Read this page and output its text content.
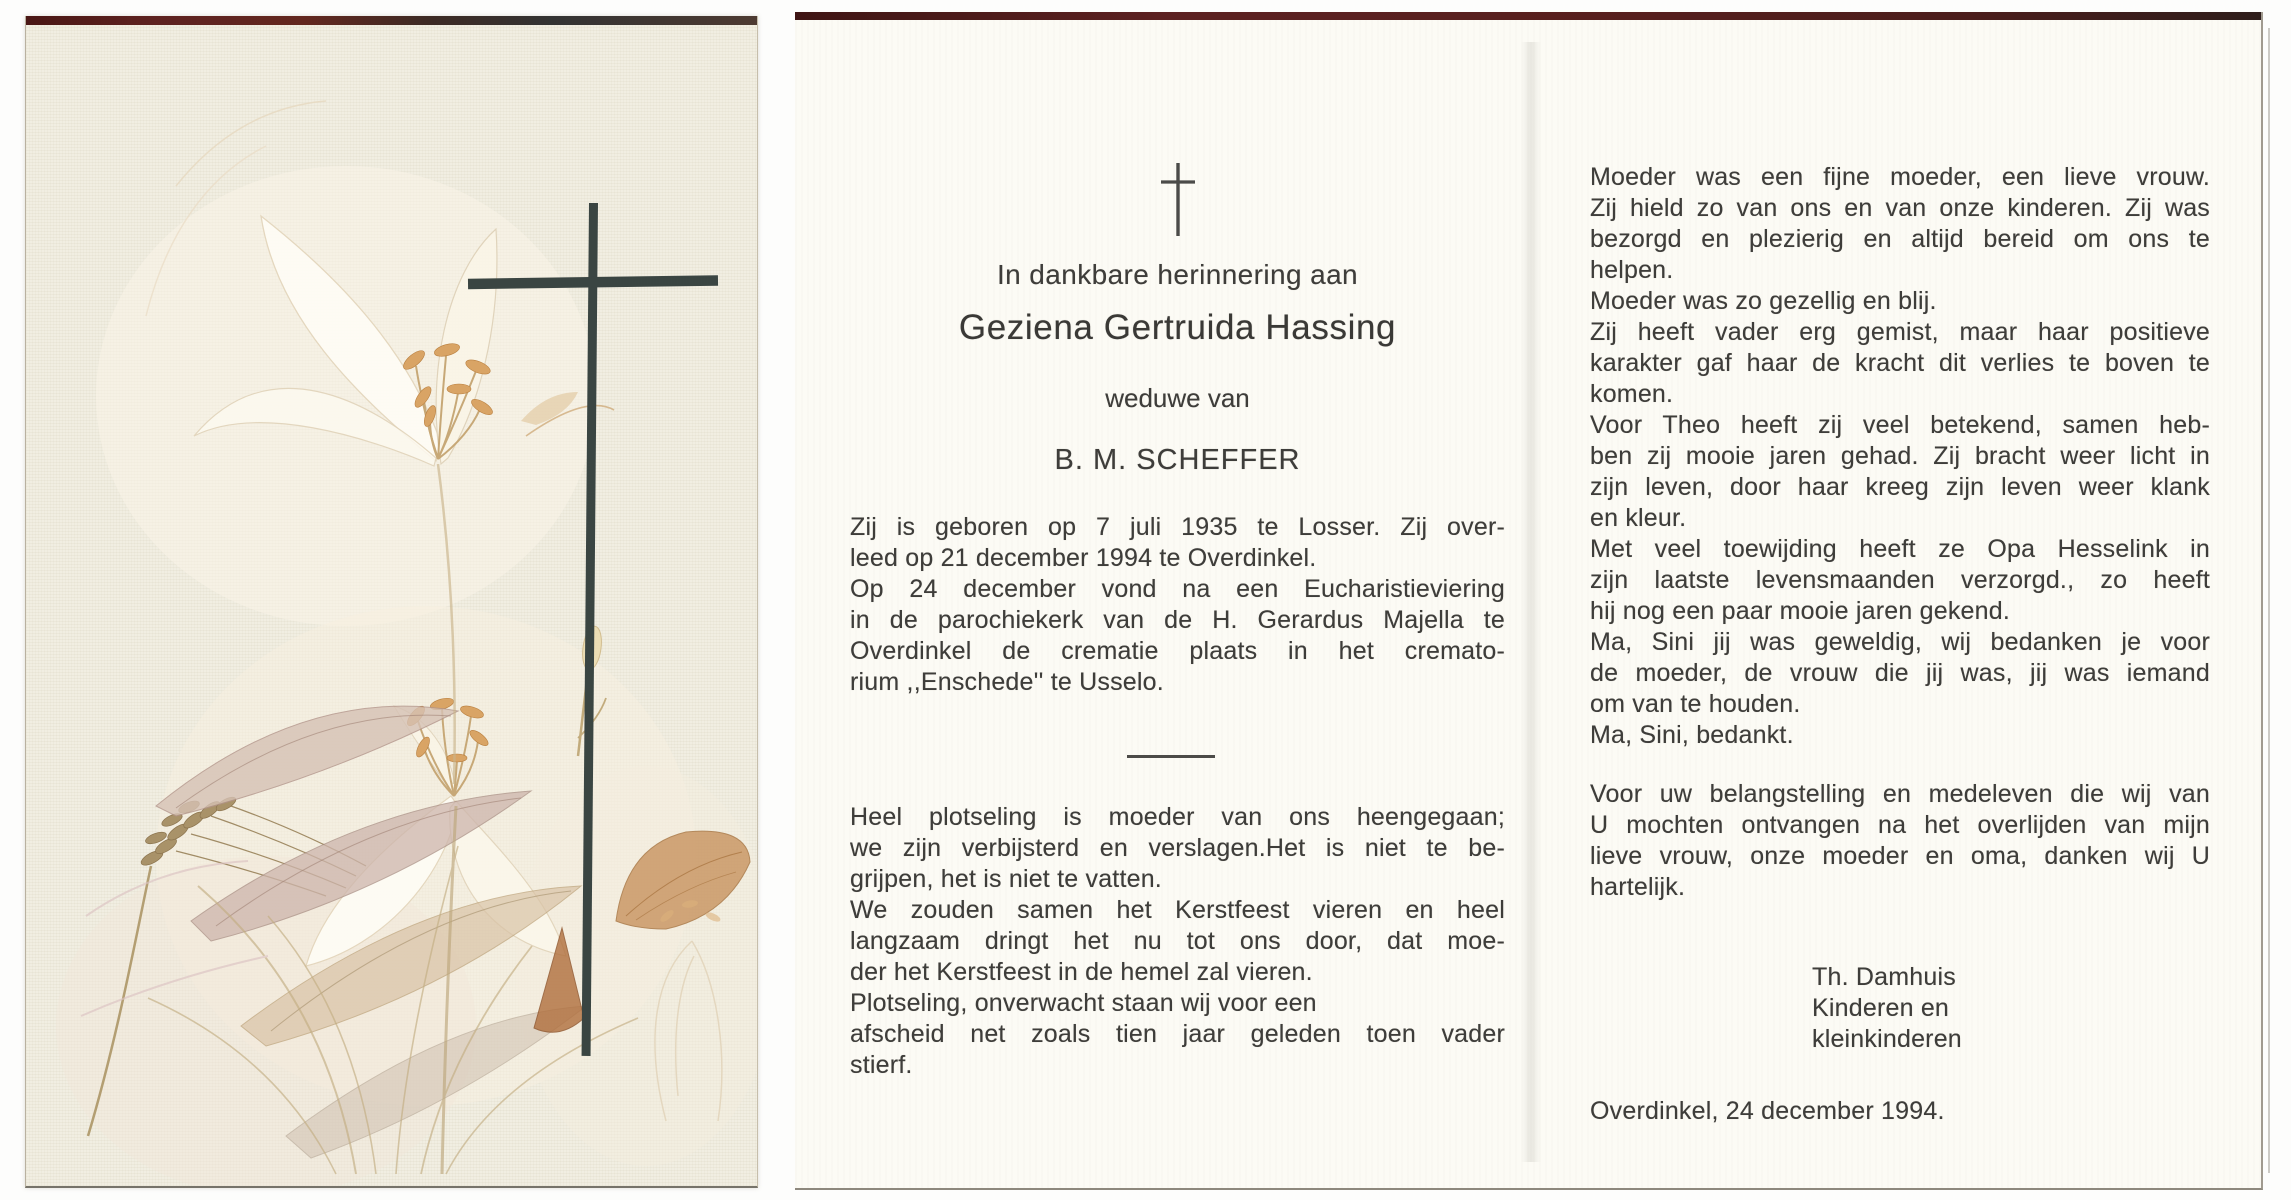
In dankbare herinnering aan
Geziena Gertruida Hassing
weduwe van
B. M. SCHEFFER
Zij is geboren op 7 juli 1935 te Losser. Zij over-
leed op 21 december 1994 te Overdinkel.
Op 24 december vond na een Eucharistieviering
in de parochiekerk van de H. Gerardus Majella te
Overdinkel de crematie plaats in het cremato-
rium ,,Enschede'' te Usselo.
Heel plotseling is moeder van ons heengegaan;
we zijn verbijsterd en verslagen.Het is niet te be-
grijpen, het is niet te vatten.
We zouden samen het Kerstfeest vieren en heel
langzaam dringt het nu tot ons door, dat moe-
der het Kerstfeest in de hemel zal vieren.
Plotseling, onverwacht staan wij voor een
afscheid net zoals tien jaar geleden toen vader
stierf.
Moeder was een fijne moeder, een lieve vrouw.
Zij hield zo van ons en van onze kinderen. Zij was
bezorgd en plezierig en altijd bereid om ons te
helpen.
Moeder was zo gezellig en blij.
Zij heeft vader erg gemist, maar haar positieve
karakter gaf haar de kracht dit verlies te boven te
komen.
Voor Theo heeft zij veel betekend, samen heb-
ben zij mooie jaren gehad. Zij bracht weer licht in
zijn leven, door haar kreeg zijn leven weer klank
en kleur.
Met veel toewijding heeft ze Opa Hesselink in
zijn laatste levensmaanden verzorgd., zo heeft
hij nog een paar mooie jaren gekend.
Ma, Sini jij was geweldig, wij bedanken je voor
de moeder, de vrouw die jij was, jij was iemand
om van te houden.
Ma, Sini, bedankt.
Voor uw belangstelling en medeleven die wij van
U mochten ontvangen na het overlijden van mijn
lieve vrouw, onze moeder en oma, danken wij U
hartelijk.
Th. Damhuis
Kinderen en
kleinkinderen
Overdinkel, 24 december 1994.
